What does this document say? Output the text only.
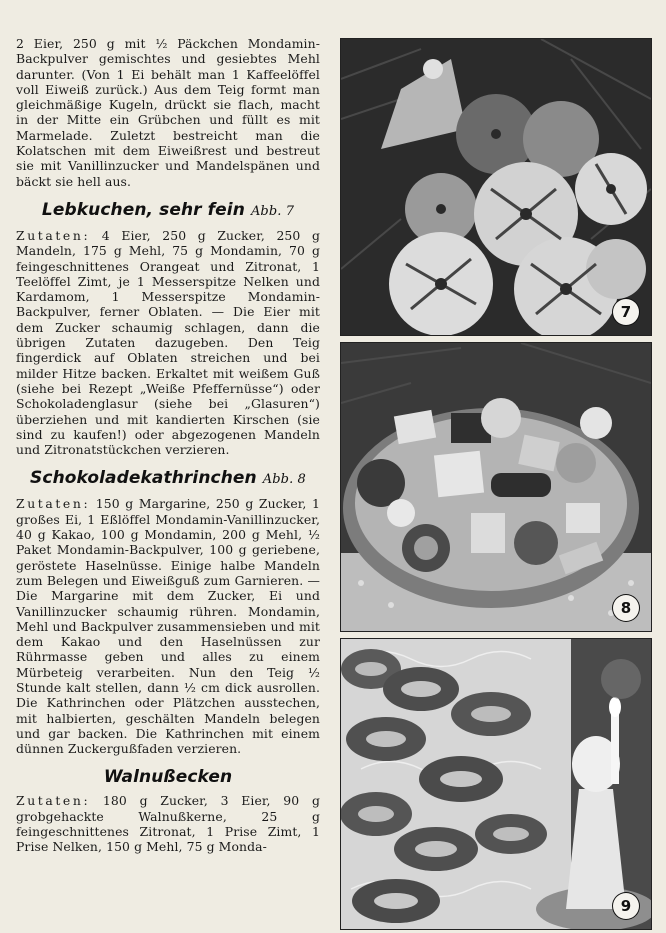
2 Eier, 250 g mit ½ Päckchen Mondamin-Backpulver gemischtes und gesiebtes Mehl darunter. (Von 1 Ei behält man 1 Kaffeelöffel voll Eiweiß zurück.) Aus dem Teig formt man gleichmäßige Kugeln, drückt sie flach, macht in der Mitte ein Grübchen und füllt es mit Marmelade. Zuletzt bestreicht man die Kolatschen mit dem Eiweißrest und bestreut sie mit Vanillinzucker und Mandelspänen und bäckt sie hell aus.

Lebkuchen, sehr fein Abb. 7

Zutaten: 4 Eier, 250 g Zucker, 250 g Mandeln, 175 g Mehl, 75 g Mondamin, 70 g feingeschnittenes Orangeat und Zitronat, 1 Teelöffel Zimt, je 1 Messerspitze Nelken und Kardamom, 1 Messerspitze Mondamin-Backpulver, ferner Oblaten. — Die Eier mit dem Zucker schaumig schlagen, dann die übrigen Zutaten dazugeben. Den Teig fingerdick auf Oblaten streichen und bei milder Hitze backen. Erkaltet mit weißem Guß (siehe bei Rezept „Weiße Pfeffernüsse“) oder Schokoladenglasur (siehe bei „Glasuren“) überziehen und mit kandierten Kirschen (sie sind zu kaufen!) oder abgezogenen Mandeln und Zitronatstückchen verzieren.

Schokoladekathrinchen Abb. 8

Zutaten: 150 g Margarine, 250 g Zucker, 1 großes Ei, 1 Eßlöffel Mondamin-Vanillinzucker, 40 g Kakao, 100 g Mondamin, 200 g Mehl, ½ Paket Mondamin-Backpulver, 100 g geriebene, geröstete Haselnüsse. Einige halbe Mandeln zum Belegen und Eiweißguß zum Garnieren. — Die Margarine mit dem Zucker, Ei und Vanillinzucker schaumig rühren. Mondamin, Mehl und Backpulver zusammensieben und mit dem Kakao und den Haselnüssen zur Rührmasse geben und alles zu einem Mürbeteig verarbeiten. Nun den Teig ½ Stunde kalt stellen, dann ½ cm dick ausrollen. Die Kathrinchen oder Plätzchen ausstechen, mit halbierten, geschälten Mandeln belegen und gar backen. Die Kathrinchen mit einem dünnen Zuckergußfaden verzieren.

Walnußecken

Zutaten: 180 g Zucker, 3 Eier, 90 g grobgehackte Walnußkerne, 25 g feingeschnittenes Zitronat, 1 Prise Zimt, 1 Prise Nelken, 150 g Mehl, 75 g Monda-

7
8
9
